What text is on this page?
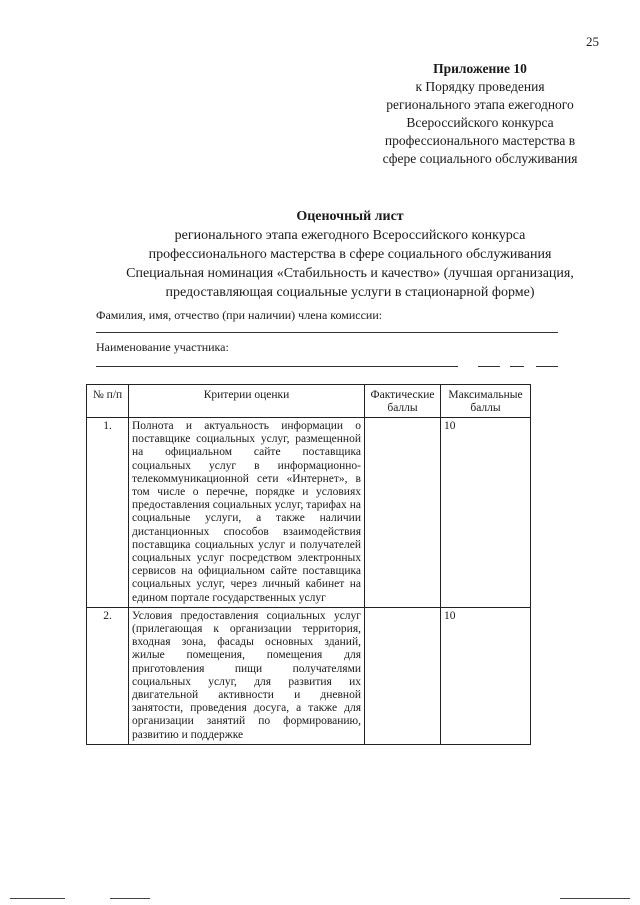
25
Приложение 10
к Порядку проведения
регионального этапа ежегодного
Всероссийского конкурса
профессионального мастерства в
сфере социального обслуживания
Оценочный лист
регионального этапа ежегодного Всероссийского конкурса
профессионального мастерства в сфере социального обслуживания
Специальная номинация «Стабильность и качество» (лучшая организация,
предоставляющая социальные услуги в стационарной форме)
Фамилия, имя, отчество (при наличии) члена комиссии:
Наименование участника:
№ п/п	Критерии оценки	Фактические баллы	Максимальные баллы
1.	Полнота и актуальность информации о поставщике социальных услуг, размещенной на официальном сайте поставщика социальных услуг в информационно-телекоммуникационной сети «Интернет», в том числе о перечне, порядке и условиях предоставления социальных услуг, тарифах на социальные услуги, а также наличии дистанционных способов взаимодействия поставщика социальных услуг и получателей социальных услуг посредством электронных сервисов на официальном сайте поставщика социальных услуг, через личный кабинет на едином портале государственных услуг		10
2.	Условия предоставления социальных услуг (прилегающая к организации территория, входная зона, фасады основных зданий, жилые помещения, помещения для приготовления пищи получателями социальных услуг, для развития их двигательной активности и дневной занятости, проведения досуга, а также для организации занятий по формированию, развитию и поддержке		10
